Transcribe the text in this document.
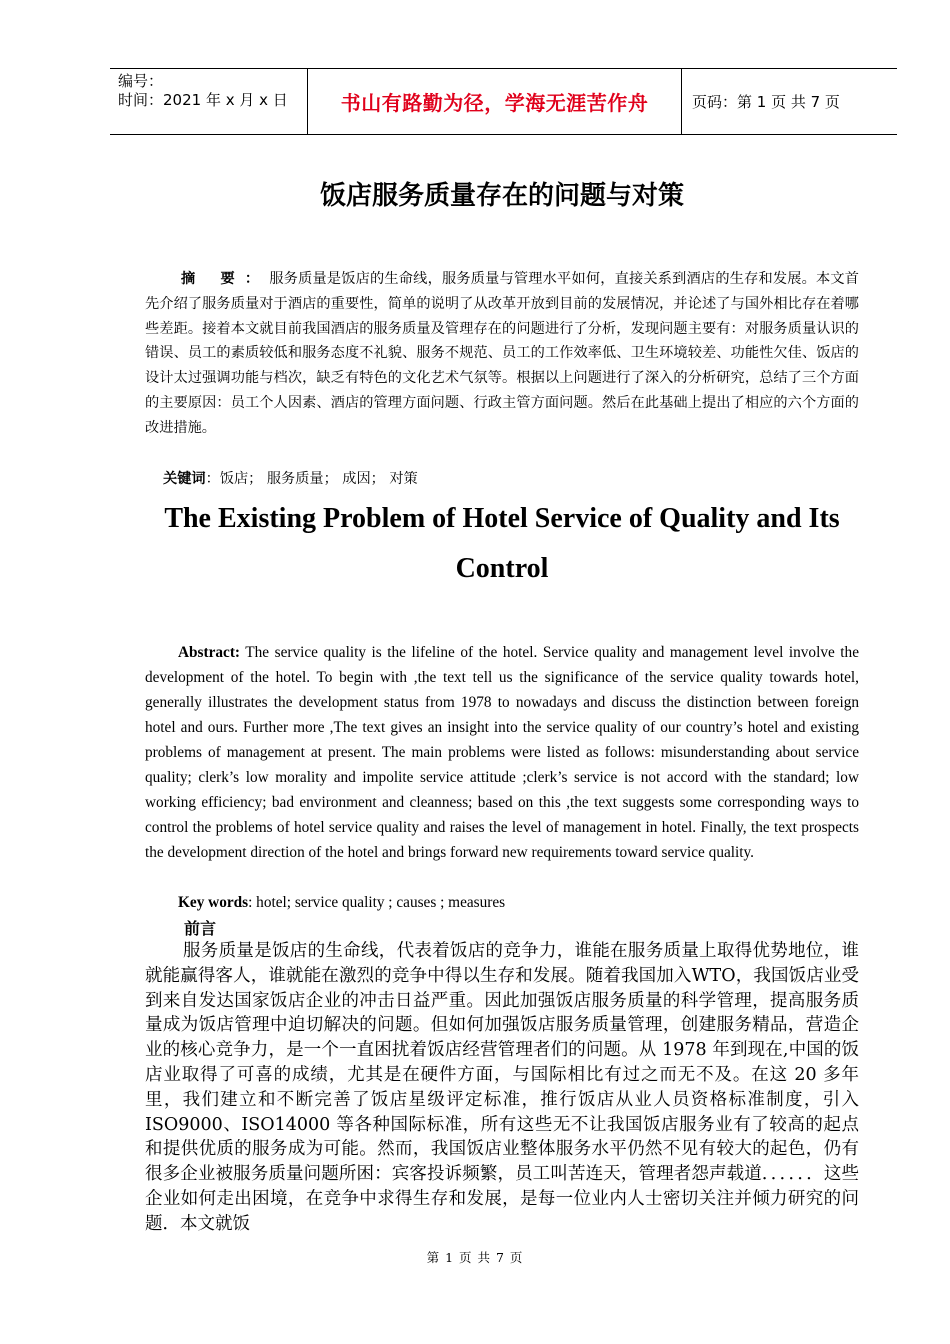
编号：
时间：2021 年 x 月 x 日	书山有路勤为径，学海无涯苦作舟	页码：第 1 页 共 7 页
饭店服务质量存在的问题与对策

摘 要：服务质量是饭店的生命线，服务质量与管理水平如何，直接关系到酒店的生存和发展。本文首先介绍了服务质量对于酒店的重要性，简单的说明了从改革开放到目前的发展情况，并论述了与国外相比存在着哪些差距。接着本文就目前我国酒店的服务质量及管理存在的问题进行了分析，发现问题主要有：对服务质量认识的错误、员工的素质较低和服务态度不礼貌、服务不规范、员工的工作效率低、卫生环境较差、功能性欠佳、饭店的设计太过强调功能与档次，缺乏有特色的文化艺术气氛等。根据以上问题进行了深入的分析研究，总结了三个方面的主要原因：员工个人因素、酒店的管理方面问题、行政主管方面问题。然后在此基础上提出了相应的六个方面的改进措施。

关键词：饭店； 服务质量； 成因； 对策

The Existing Problem of Hotel Service of Quality and Its Control

Abstract: The service quality is the lifeline of the hotel. Service quality and management level involve the development of the hotel. To begin with ,the text tell us the significance of the service quality towards hotel, generally illustrates the development status from 1978 to nowadays and discuss the distinction between foreign hotel and ours. Further more ,The text gives an insight into the service quality of our country’s hotel and existing problems of management at present. The main problems were listed as follows: misunderstanding about service quality; clerk’s low morality and impolite service attitude ;clerk’s service is not accord with the standard; low working efficiency; bad environment and cleanness; based on this ,the text suggests some corresponding ways to control the problems of hotel service quality and raises the level of management in hotel. Finally, the text prospects the development direction of the hotel and brings forward new requirements toward service quality.

Key words: hotel; service quality ; causes ; measures

前言

服务质量是饭店的生命线，代表着饭店的竞争力，谁能在服务质量上取得优势地位，谁就能赢得客人，谁就能在激烈的竞争中得以生存和发展。随着我国加入WTO，我国饭店业受到来自发达国家饭店企业的冲击日益严重。因此加强饭店服务质量的科学管理，提高服务质量成为饭店管理中迫切解决的问题。但如何加强饭店服务质量管理，创建服务精品，营造企业的核心竞争力，是一个一直困扰着饭店经营管理者们的问题。从 1978 年到现在,中国的饭店业取得了可喜的成绩，尤其是在硬件方面，与国际相比有过之而无不及。在这 20 多年里，我们建立和不断完善了饭店星级评定标准，推行饭店从业人员资格标准制度，引入 ISO9000、ISO14000 等各种国际标准，所有这些无不让我国饭店服务业有了较高的起点和提供优质的服务成为可能。然而，我国饭店业整体服务水平仍然不见有较大的起色，仍有很多企业被服务质量问题所困：宾客投诉频繁，员工叫苦连天，管理者怨声载道．．．．．．这些企业如何走出困境，在竞争中求得生存和发展，是每一位业内人士密切关注并倾力研究的问题．本文就饭

第 1 页 共 7 页
